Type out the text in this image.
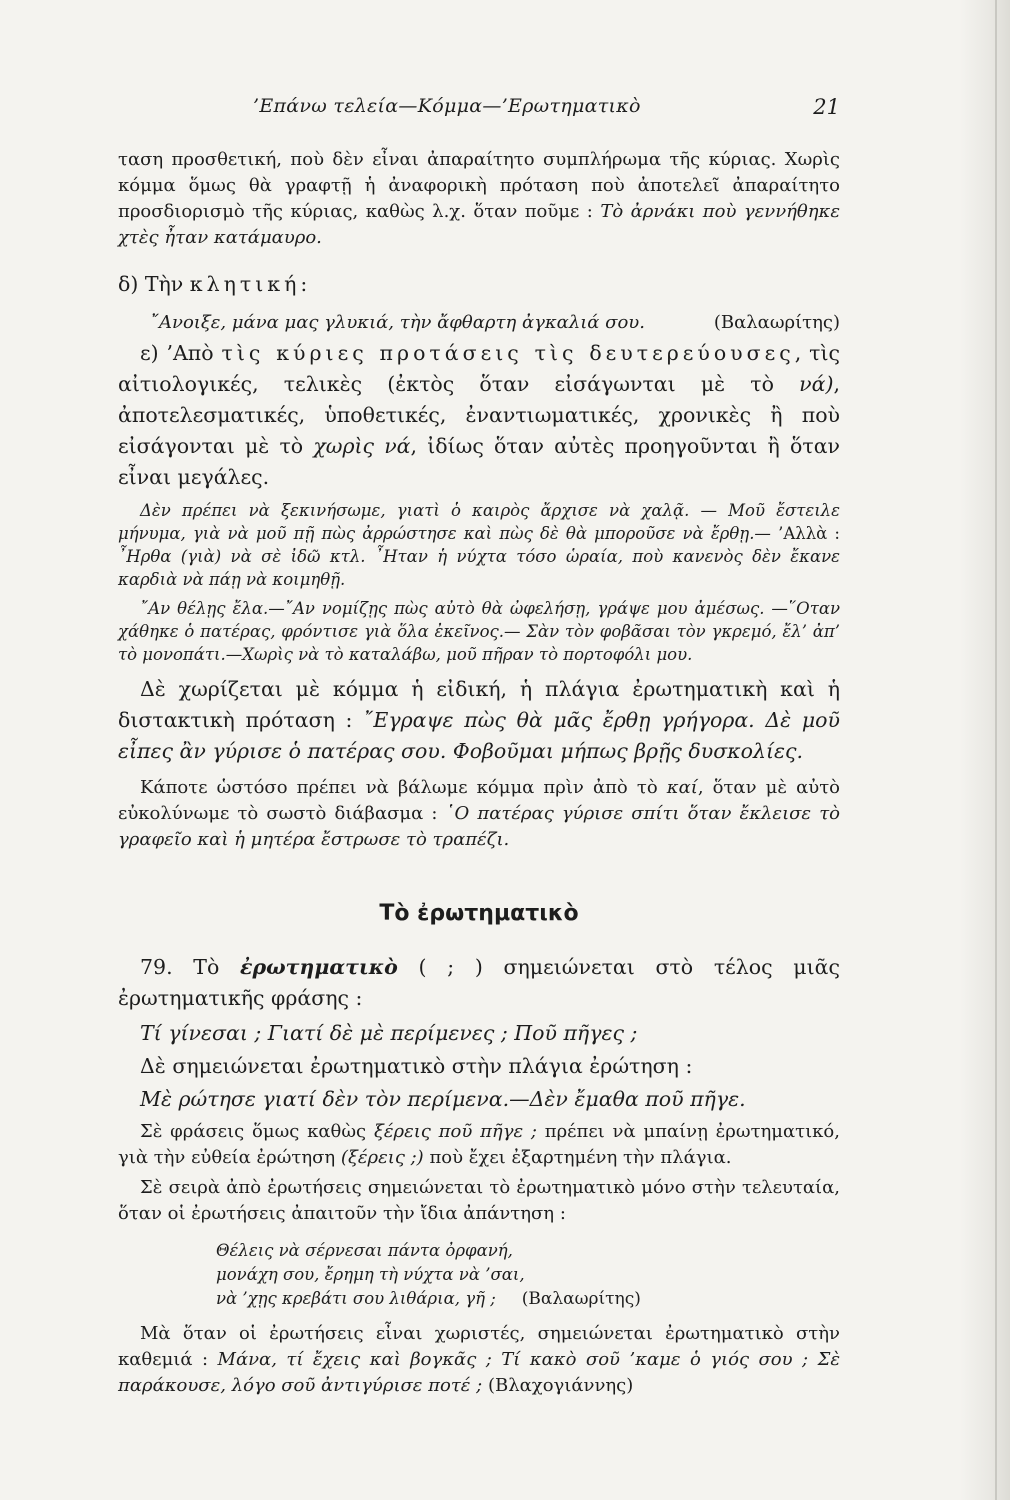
’Επάνω τελεία—Κόμμα—’Ερωτηματικὸ	21

ταση προσθετική, ποὺ δὲν εἶναι ἀπαραίτητο συμπλήρωμα τῆς κύριας. Χωρὶς κόμμα ὅμως θὰ γραφτῇ ἡ ἀναφορικὴ πρόταση ποὺ ἀποτελεῖ ἀπαραίτητο προσδιορισμὸ τῆς κύριας, καθὼς λ.χ. ὅταν ποῦμε : Τὸ ἀρνάκι ποὺ γεννήθηκε χτὲς ἦταν κατάμαυρο.

δ) Τὴν κλητική:

῎Ανοιξε, μάνα μας γλυκιά, τὴν ἄφθαρτη ἀγκαλιά σου.	(Βαλαωρίτης)

ε) ’Απὸ τὶς κύριες προτάσεις τὶς δευτερεύουσες, τὶς αἰτιολογικές, τελικὲς (ἐκτὸς ὅταν εἰσάγωνται μὲ τὸ νά), ἀποτελεσματικές, ὑποθετικές, ἐναντιωματικές, χρονικὲς ἢ ποὺ εἰσάγονται μὲ τὸ χωρὶς νά, ἰδίως ὅταν αὐτὲς προηγοῦνται ἢ ὅταν εἶναι μεγάλες.

Δὲν πρέπει νὰ ξεκινήσωμε, γιατὶ ὁ καιρὸς ἄρχισε νὰ χαλᾷ. — Μοῦ ἔστειλε μήνυμα, γιὰ νὰ μοῦ πῇ πὼς ἀρρώστησε καὶ πὼς δὲ θὰ μποροῦσε νὰ ἔρθῃ.— ’Αλλὰ : ῏Ηρθα (γιὰ) νὰ σὲ ἰδῶ κτλ. ῏Ηταν ἡ νύχτα τόσο ὡραία, ποὺ κανενὸς δὲν ἔκανε καρδιὰ νὰ πάῃ νὰ κοιμηθῇ.

῎Αν θέλῃς ἔλα.—῎Αν νομίζῃς πὼς αὐτὸ θὰ ὠφελήσῃ, γράψε μου ἀμέσως. —῞Οταν χάθηκε ὁ πατέρας, φρόντισε γιὰ ὅλα ἐκεῖνος.— Σὰν τὸν φοβᾶσαι τὸν γκρεμό, ἔλ’ ἀπ’ τὸ μονοπάτι.—Χωρὶς νὰ τὸ καταλάβω, μοῦ πῆραν τὸ πορτοφόλι μου.

Δὲ χωρίζεται μὲ κόμμα ἡ εἰδική, ἡ πλάγια ἐρωτηματικὴ καὶ ἡ διστακτικὴ πρόταση : ῎Εγραψε πὼς θὰ μᾶς ἔρθῃ γρήγορα. Δὲ μοῦ εἶπες ἂν γύρισε ὁ πατέρας σου. Φοβοῦμαι μήπως βρῇς δυσκολίες.

Κάποτε ὡστόσο πρέπει νὰ βάλωμε κόμμα πρὶν ἀπὸ τὸ καί, ὅταν μὲ αὐτὸ εὐκολύνωμε τὸ σωστὸ διάβασμα : ῾Ο πατέρας γύρισε σπίτι ὅταν ἔκλεισε τὸ γραφεῖο καὶ ἡ μητέρα ἔστρωσε τὸ τραπέζι.

Τὸ ἐρωτηματικὸ

79. Τὸ ἐρωτηματικὸ ( ; ) σημειώνεται στὸ τέλος μιᾶς ἐρωτηματικῆς φράσης :

Τί γίνεσαι ; Γιατί δὲ μὲ περίμενες ; Ποῦ πῆγες ;

Δὲ σημειώνεται ἐρωτηματικὸ στὴν πλάγια ἐρώτηση :

Μὲ ρώτησε γιατί δὲν τὸν περίμενα.—Δὲν ἔμαθα ποῦ πῆγε.

Σὲ φράσεις ὅμως καθὼς ξέρεις ποῦ πῆγε ; πρέπει νὰ μπαίνῃ ἐρωτηματικό, γιὰ τὴν εὐθεία ἐρώτηση (ξέρεις ;) ποὺ ἔχει ἐξαρτημένη τὴν πλάγια.

Σὲ σειρὰ ἀπὸ ἐρωτήσεις σημειώνεται τὸ ἐρωτηματικὸ μόνο στὴν τελευταία, ὅταν οἱ ἐρωτήσεις ἀπαιτοῦν τὴν ἴδια ἀπάντηση :

Θέλεις νὰ σέρνεσαι πάντα ὀρφανή,
μονάχη σου, ἔρημη τὴ νύχτα νὰ ’σαι,
νὰ ’χῃς κρεβάτι σου λιθάρια, γῆ ; (Βαλαωρίτης)

Μὰ ὅταν οἱ ἐρωτήσεις εἶναι χωριστές, σημειώνεται ἐρωτηματικὸ στὴν καθεμιά : Μάνα, τί ἔχεις καὶ βογκᾶς ; Τί κακὸ σοῦ ’καμε ὁ γιός σου ; Σὲ παράκουσε, λόγο σοῦ ἀντιγύρισε ποτέ ; (Βλαχογιάννης)
